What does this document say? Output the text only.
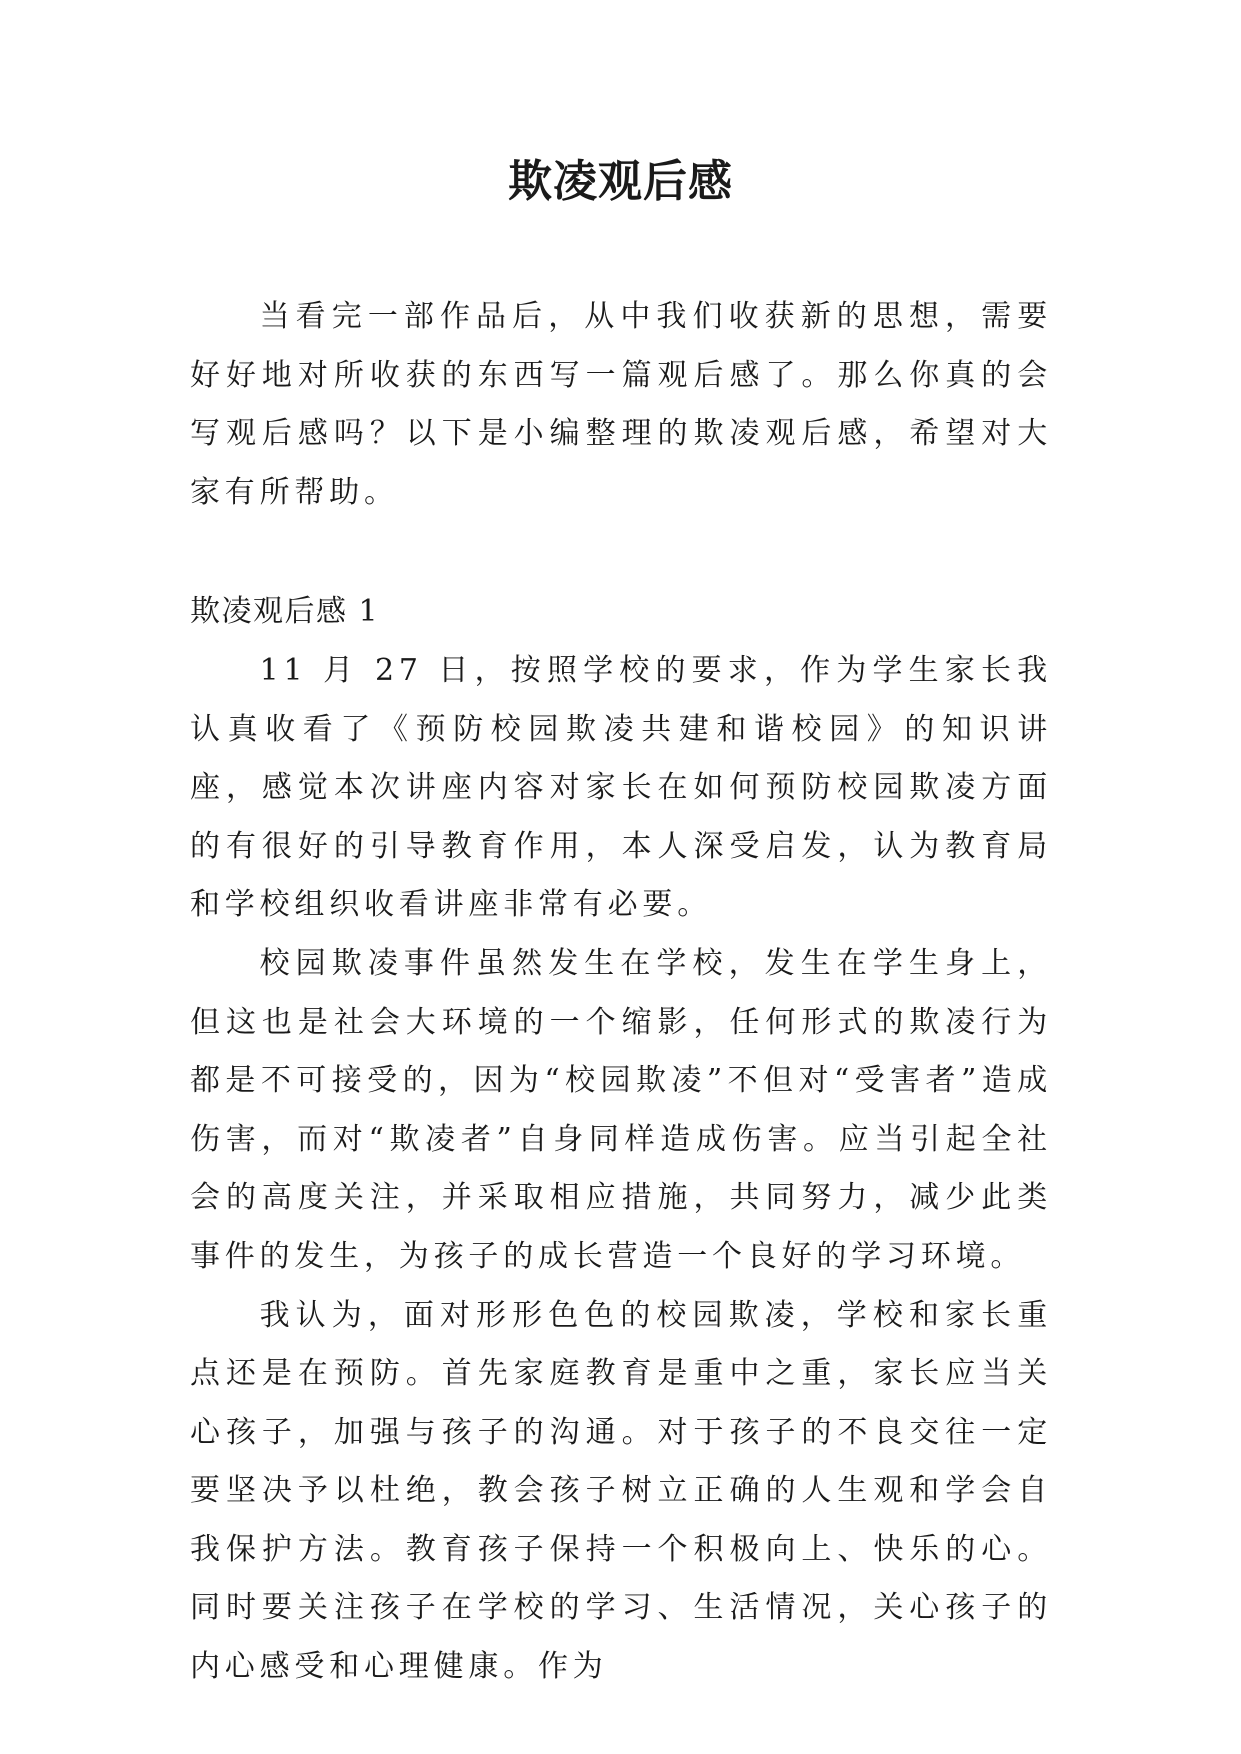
欺凌观后感

当看完一部作品后，从中我们收获新的思想，需要好好地对所收获的东西写一篇观后感了。那么你真的会写观后感吗？以下是小编整理的欺凌观后感，希望对大家有所帮助。

欺凌观后感 1

11 月 27 日，按照学校的要求，作为学生家长我认真收看了《预防校园欺凌共建和谐校园》的知识讲座，感觉本次讲座内容对家长在如何预防校园欺凌方面的有很好的引导教育作用，本人深受启发，认为教育局和学校组织收看讲座非常有必要。

校园欺凌事件虽然发生在学校，发生在学生身上，但这也是社会大环境的一个缩影，任何形式的欺凌行为都是不可接受的，因为“校园欺凌”不但对“受害者”造成伤害，而对“欺凌者”自身同样造成伤害。应当引起全社会的高度关注，并采取相应措施，共同努力，减少此类事件的发生，为孩子的成长营造一个良好的学习环境。

我认为，面对形形色色的校园欺凌，学校和家长重点还是在预防。首先家庭教育是重中之重，家长应当关心孩子，加强与孩子的沟通。对于孩子的不良交往一定要坚决予以杜绝，教会孩子树立正确的人生观和学会自我保护方法。教育孩子保持一个积极向上、快乐的心。同时要关注孩子在学校的学习、生活情况，关心孩子的内心感受和心理健康。作为
